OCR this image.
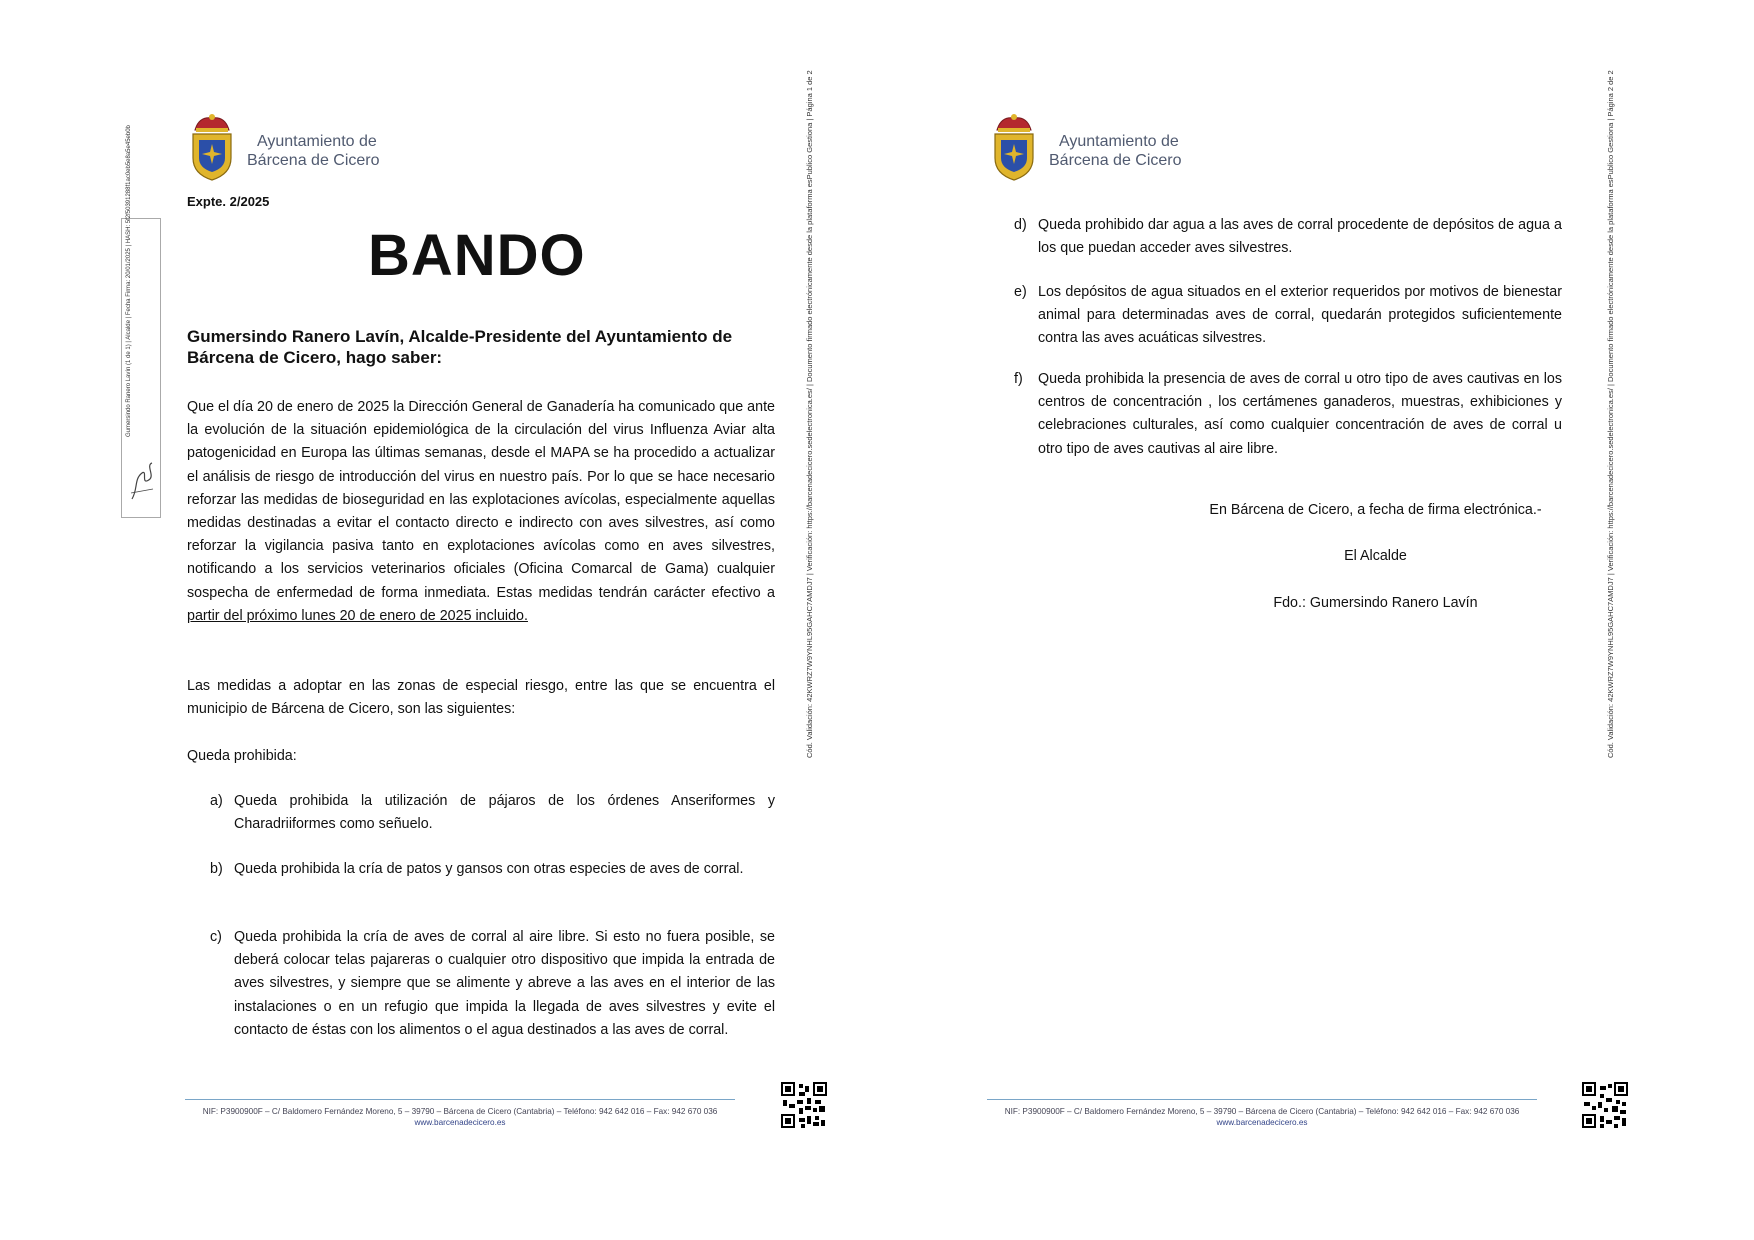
Gumersindo Ranero Lavín (1 de 1) | Alcalde | Fecha Firma: 20/01/2025 | HASH: 5f2f50391288f1ac0eb5e8a5e45eb0b	Ayuntamiento de
Bárcena de Cicero
Expte. 2/2025
BANDO
Gumersindo Ranero Lavín, Alcalde-Presidente del Ayuntamiento de Bárcena de Cicero, hago saber:
Que el día 20 de enero de 2025 la Dirección General de Ganadería ha comunicado que ante la evolución de la situación epidemiológica de la circulación del virus Influenza Aviar alta patogenicidad en Europa las últimas semanas, desde el MAPA se ha procedido a actualizar el análisis de riesgo de introducción del virus en nuestro país. Por lo que se hace necesario reforzar las medidas de bioseguridad en las explotaciones avícolas, especialmente aquellas medidas destinadas a evitar el contacto directo e indirecto con aves silvestres, así como reforzar la vigilancia pasiva tanto en explotaciones avícolas como en aves silvestres, notificando a los servicios veterinarios oficiales (Oficina Comarcal de Gama) cualquier sospecha de enfermedad de forma inmediata. Estas medidas tendrán carácter efectivo a partir del próximo lunes 20 de enero de 2025 incluido.
Las medidas a adoptar en las zonas de especial riesgo, entre las que se encuentra el municipio de Bárcena de Cicero, son las siguientes:
Queda prohibida:
a) Queda prohibida la utilización de pájaros de los órdenes Anseriformes y Charadriiformes como señuelo.
b) Queda prohibida la cría de patos y gansos con otras especies de aves de corral.
c) Queda prohibida la cría de aves de corral al aire libre. Si esto no fuera posible, se deberá colocar telas pajareras o cualquier otro dispositivo que impida la entrada de aves silvestres, y siempre que se alimente y abreve a las aves en el interior de las instalaciones o en un refugio que impida la llegada de aves silvestres y evite el contacto de éstas con los alimentos o el agua destinados a las aves de corral.
Cód. Validación: 42KWRZ7W9YNHL95GAHC7AMDJ7 | Verificación: https://barcenadecicero.sedelectronica.es/ | Documento firmado electrónicamente desde la plataforma esPublico Gestiona | Página 1 de 2
NIF: P3900900F – C/ Baldomero Fernández Moreno, 5 – 39790 – Bárcena de Cicero (Cantabria) – Teléfono: 942 642 016 – Fax: 942 670 036
www.barcenadecicero.es
Ayuntamiento de
Bárcena de Cicero
d) Queda prohibido dar agua a las aves de corral procedente de depósitos de agua a los que puedan acceder aves silvestres.
e) Los depósitos de agua situados en el exterior requeridos por motivos de bienestar animal para determinadas aves de corral, quedarán protegidos suficientemente contra las aves acuáticas silvestres.
f) Queda prohibida la presencia de aves de corral u otro tipo de aves cautivas en los centros de concentración , los certámenes ganaderos, muestras, exhibiciones y celebraciones culturales, así como cualquier concentración de aves de corral u otro tipo de aves cautivas al aire libre.
En Bárcena de Cicero, a fecha de firma electrónica.-
El Alcalde
Fdo.: Gumersindo Ranero Lavín	Cód. Validación: 42KWRZ7W9YNHL95GAHC7AMDJ7 | Verificación: https://barcenadecicero.sedelectronica.es/ | Documento firmado electrónicamente desde la plataforma esPublico Gestiona | Página 2 de 2
NIF: P3900900F – C/ Baldomero Fernández Moreno, 5 – 39790 – Bárcena de Cicero (Cantabria) – Teléfono: 942 642 016 – Fax: 942 670 036
www.barcenadecicero.es
